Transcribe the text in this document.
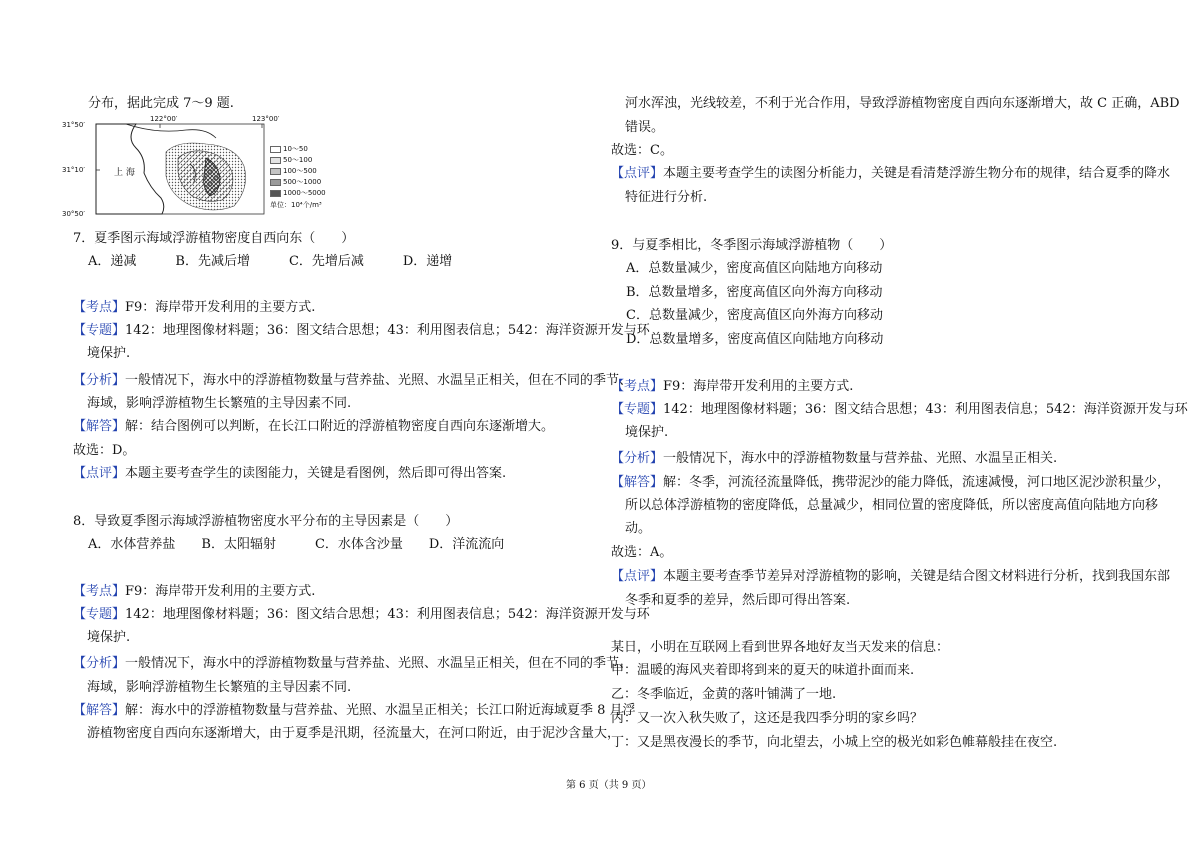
分布，据此完成 7～9 题.
31°50′
31°10′
30°50′
122°00′	123°00′
上 海
10～50
50～100
100～500
500～1000
1000～5000
单位：10⁴个/m³
7．夏季图示海域浮游植物密度自西向东（　　）
A．递减　　　B．先减后增　　　C．先增后减　　　D．递增
【考点】F9：海岸带开发利用的主要方式.
【专题】142：地理图像材料题；36：图文结合思想；43：利用图表信息；542：海洋资源开发与环
境保护.
【分析】一般情况下，海水中的浮游植物数量与营养盐、光照、水温呈正相关，但在不同的季节、
海域，影响浮游植物生长繁殖的主导因素不同.
【解答】解：结合图例可以判断，在长江口附近的浮游植物密度自西向东逐渐增大。
故选：D。
【点评】本题主要考查学生的读图能力，关键是看图例，然后即可得出答案.
8．导致夏季图示海域浮游植物密度水平分布的主导因素是（　　）
A．水体营养盐　　B．太阳辐射　　　C．水体含沙量　　D．洋流流向
【考点】F9：海岸带开发利用的主要方式.
【专题】142：地理图像材料题；36：图文结合思想；43：利用图表信息；542：海洋资源开发与环
境保护.
【分析】一般情况下，海水中的浮游植物数量与营养盐、光照、水温呈正相关，但在不同的季节、
海域，影响浮游植物生长繁殖的主导因素不同.
【解答】解：海水中的浮游植物数量与营养盐、光照、水温呈正相关；长江口附近海域夏季 8 月浮
游植物密度自西向东逐渐增大，由于夏季是汛期，径流量大，在河口附近，由于泥沙含量大，
河水浑浊，光线较差，不利于光合作用，导致浮游植物密度自西向东逐渐增大，故 C 正确，ABD
错误。
故选：C。
【点评】本题主要考查学生的读图分析能力，关键是看清楚浮游生物分布的规律，结合夏季的降水
特征进行分析.
9．与夏季相比，冬季图示海域浮游植物（　　）
A．总数量减少，密度高值区向陆地方向移动
B．总数量增多，密度高值区向外海方向移动
C．总数量减少，密度高值区向外海方向移动
D．总数量增多，密度高值区向陆地方向移动
【考点】F9：海岸带开发利用的主要方式.
【专题】142：地理图像材料题；36：图文结合思想；43：利用图表信息；542：海洋资源开发与环
境保护.
【分析】一般情况下，海水中的浮游植物数量与营养盐、光照、水温呈正相关.
【解答】解：冬季，河流径流量降低，携带泥沙的能力降低，流速减慢，河口地区泥沙淤积量少，
所以总体浮游植物的密度降低，总量减少，相同位置的密度降低，所以密度高值向陆地方向移
动。
故选：A。
【点评】本题主要考查季节差异对浮游植物的影响，关键是结合图文材料进行分析，找到我国东部
冬季和夏季的差异，然后即可得出答案.
某日，小明在互联网上看到世界各地好友当天发来的信息：
甲：温暖的海风夹着即将到来的夏天的味道扑面而来.
乙：冬季临近，金黄的落叶铺满了一地.
丙：又一次入秋失败了，这还是我四季分明的家乡吗？
丁：又是黑夜漫长的季节，向北望去，小城上空的极光如彩色帷幕般挂在夜空.
第 6 页（共 9 页）
